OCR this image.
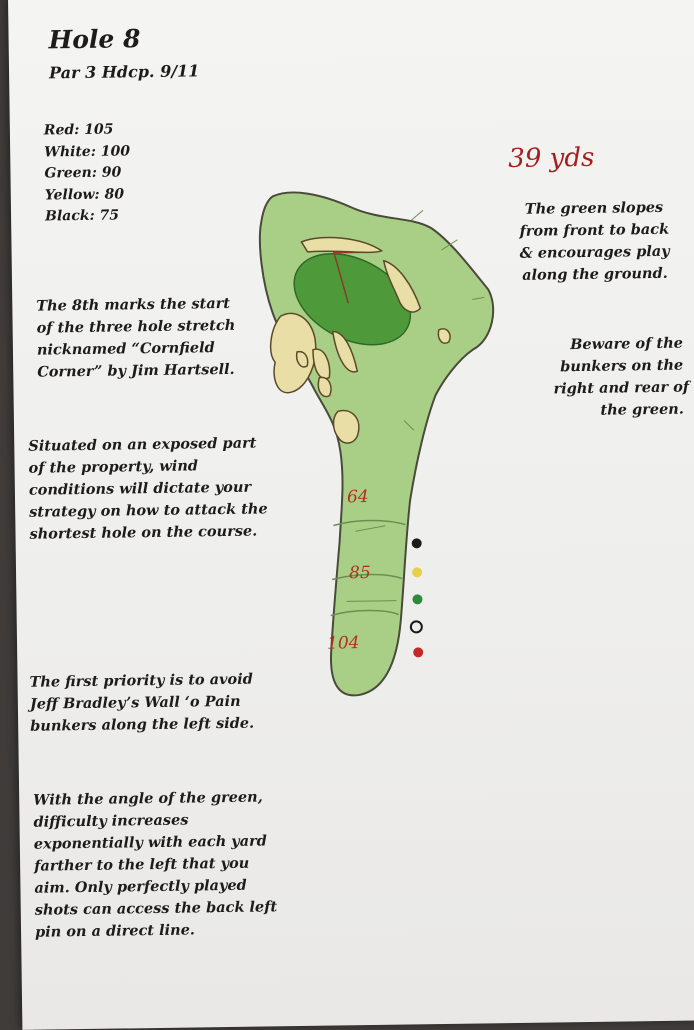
Hole 8
Par 3 Hdcp. 9/11
Red: 105
White: 100
Green: 90
Yellow: 80
Black: 75
39 yds
The green slopes
from front to back
& encourages play
along the ground.
Beware of the
bunkers on the
right and rear of
the green.
The 8th marks the start
of the three hole stretch
nicknamed “Cornfield
Corner” by Jim Hartsell.
Situated on an exposed part
of the property, wind
conditions will dictate your
strategy on how to attack the
shortest hole on the course.
The first priority is to avoid
Jeff Bradley’s Wall ‘o Pain
bunkers along the left side.
With the angle of the green,
difficulty increases
exponentially with each yard
farther to the left that you
aim. Only perfectly played
shots can access the back left
pin on a direct line.
64
85
104
